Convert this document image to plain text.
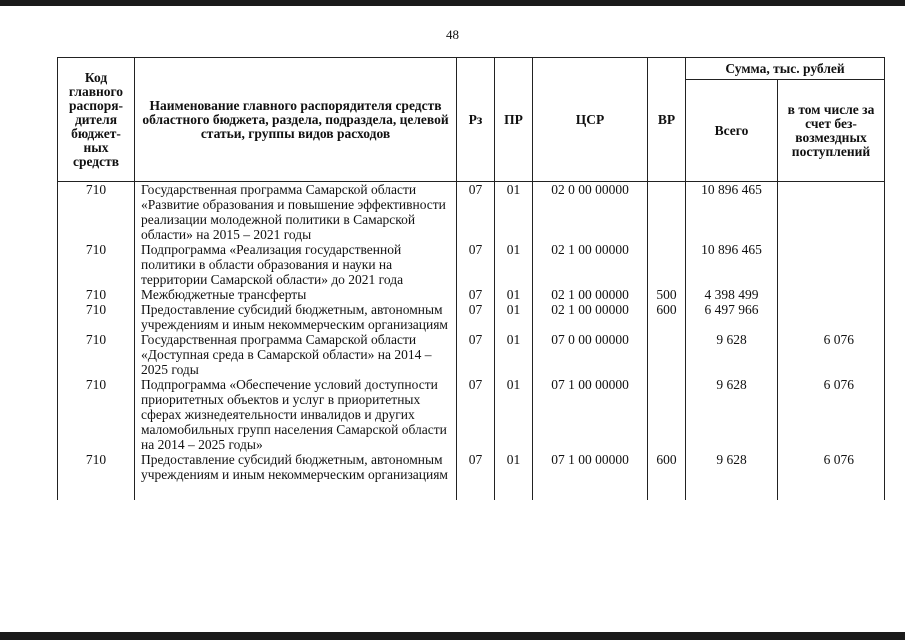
48
Код главного распоря-дителя бюджет-ных средств	Наименование главного распорядителя средств областного бюджета, раздела, подраздела, целевой статьи, группы видов расходов	Рз	ПР	ЦСР	ВР	Сумма, тыс. рублей	
						Всего	в том числе за счет без-возмездных поступлений
710	Государственная программа Самарской области «Развитие образования и повышение эффективности реализации молодежной политики в Самарской области» на 2015 – 2021 годы	07	01	02 0 00 00000		10 896 465	
710	Подпрограмма «Реализация государственной политики в области образования и науки на территории Самарской области» до 2021 года	07	01	02 1 00 00000		10 896 465	
710	Межбюджетные трансферты	07	01	02 1 00 00000	500	4 398 499	
710	Предоставление субсидий бюджетным, автономным учреждениям и иным некоммерческим организациям	07	01	02 1 00 00000	600	6 497 966	
710	Государственная программа Самарской области «Доступная среда в Самарской области» на 2014 – 2025 годы	07	01	07 0 00 00000		9 628	6 076
710	Подпрограмма «Обеспечение условий доступности приоритетных объектов и услуг в приоритетных сферах жизнедеятельности инвалидов и других маломобильных групп населения Самарской области на 2014 – 2025 годы»	07	01	07 1 00 00000		9 628	6 076
710	Предоставление субсидий бюджетным, автономным учреждениям и иным некоммерческим организациям	07	01	07 1 00 00000	600	9 628	6 076
